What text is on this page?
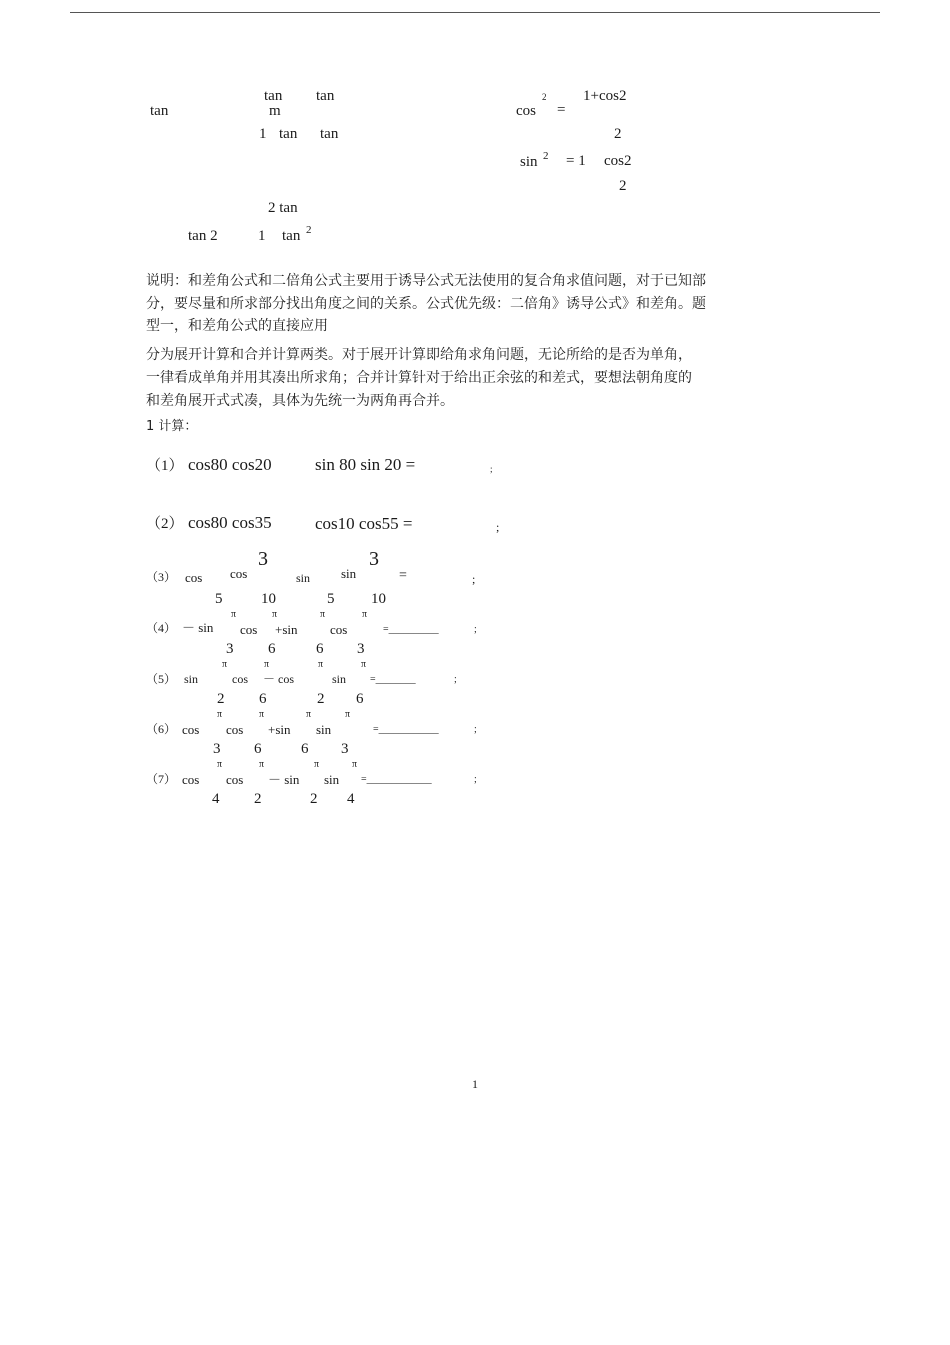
tan
tan tan
m
1 tan tan
cos
2
=
1+cos2
2
sin 2 = 1 cos2
2
2 tan
tan 2	1 tan 2
说明：和差角公式和二倍角公式主要用于诱导公式无法使用的复合角求值问题，对于已知部
分，要尽量和所求部分找出角度之间的关系。公式优先级：二倍角》诱导公式》和差角。题
型一，和差角公式的直接应用
分为展开计算和合并计算两类。对于展开计算即给角求角问题，无论所给的是否为单角，
一律看成单角并用其凑出所求角；合并计算针对于给出正余弦的和差式，要想法朝角度的
和差角展开式式凑，具体为先统一为两角再合并。
1 计算：
（1） cos80 cos20	sin 80 sin 20 =	;
（2） cos80 cos35	cos10 cos55 =	;
3	3
cos	sin
（3） cos	sin	=	;
5	10	5 10
π	π	π	π
（4） － sin cos +sin cos	=__________	;
3 6	6 3
π	π	π	π
（5） sin	cos － cos	sin =________	;
2 6	2 6
π	π	π	π
（6） cos cos +sin sin	=____________	;
3 6	6 3
π	π	π	π
（7） cos cos － sin sin =_____________	;
4 2	2 4
1
